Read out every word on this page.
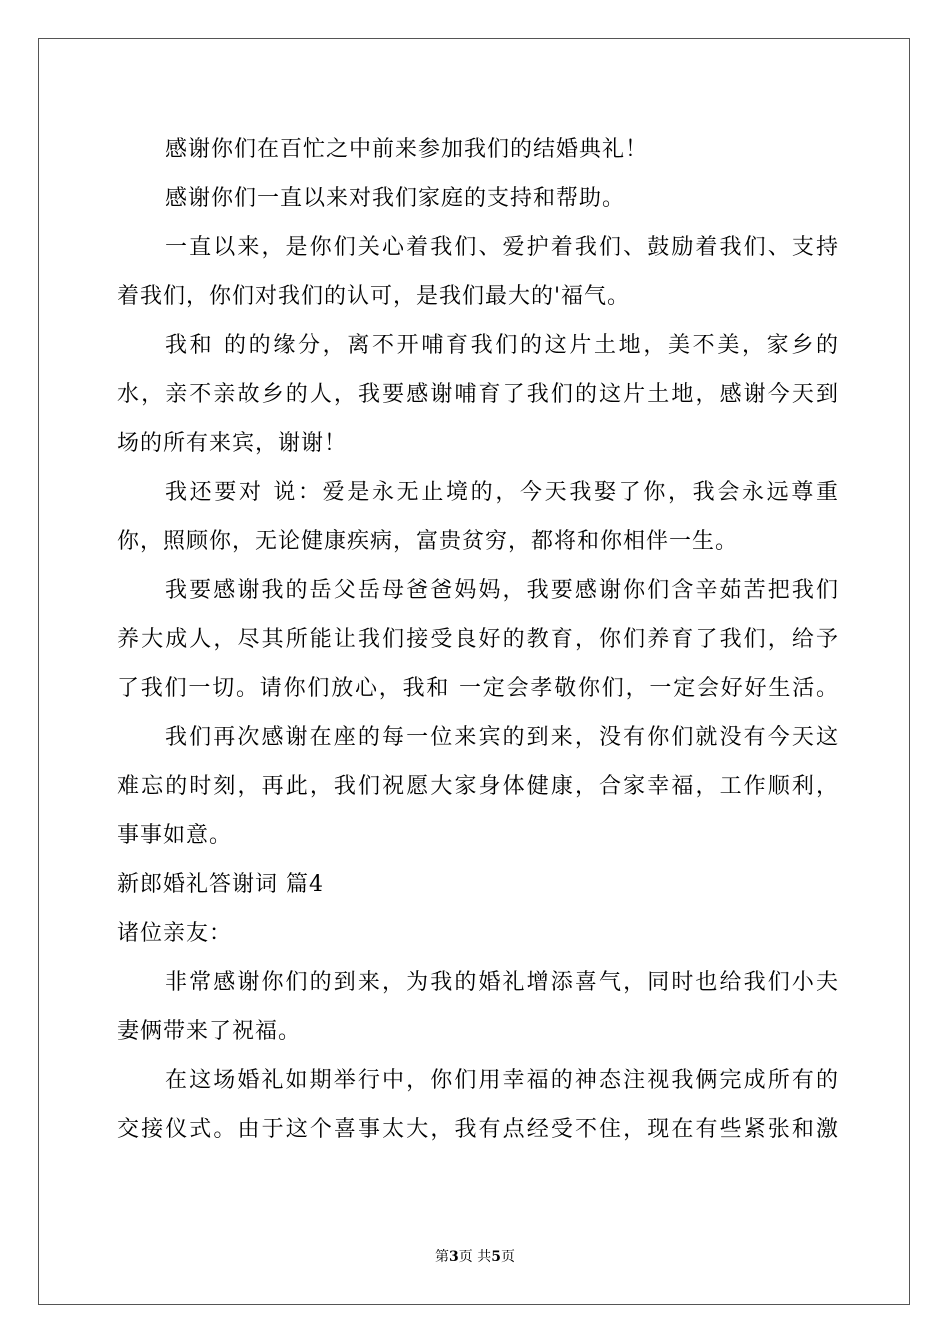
感谢你们在百忙之中前来参加我们的结婚典礼！
感谢你们一直以来对我们家庭的支持和帮助。
一直以来，是你们关心着我们、爱护着我们、鼓励着我们、支持
着我们，你们对我们的认可，是我们最大的'福气。
我和 的的缘分，离不开哺育我们的这片土地，美不美，家乡的
水，亲不亲故乡的人，我要感谢哺育了我们的这片土地，感谢今天到
场的所有来宾，谢谢！
我还要对 说：爱是永无止境的，今天我娶了你，我会永远尊重
你，照顾你，无论健康疾病，富贵贫穷，都将和你相伴一生。
我要感谢我的岳父岳母爸爸妈妈，我要感谢你们含辛茹苦把我们
养大成人，尽其所能让我们接受良好的教育，你们养育了我们，给予
了我们一切。请你们放心，我和 一定会孝敬你们，一定会好好生活。
我们再次感谢在座的每一位来宾的到来，没有你们就没有今天这
难忘的时刻，再此，我们祝愿大家身体健康，合家幸福，工作顺利，
事事如意。
新郎婚礼答谢词 篇4
诸位亲友：
非常感谢你们的到来，为我的婚礼增添喜气，同时也给我们小夫
妻俩带来了祝福。
在这场婚礼如期举行中，你们用幸福的神态注视我俩完成所有的
交接仪式。由于这个喜事太大，我有点经受不住，现在有些紧张和激
第3页 共5页
